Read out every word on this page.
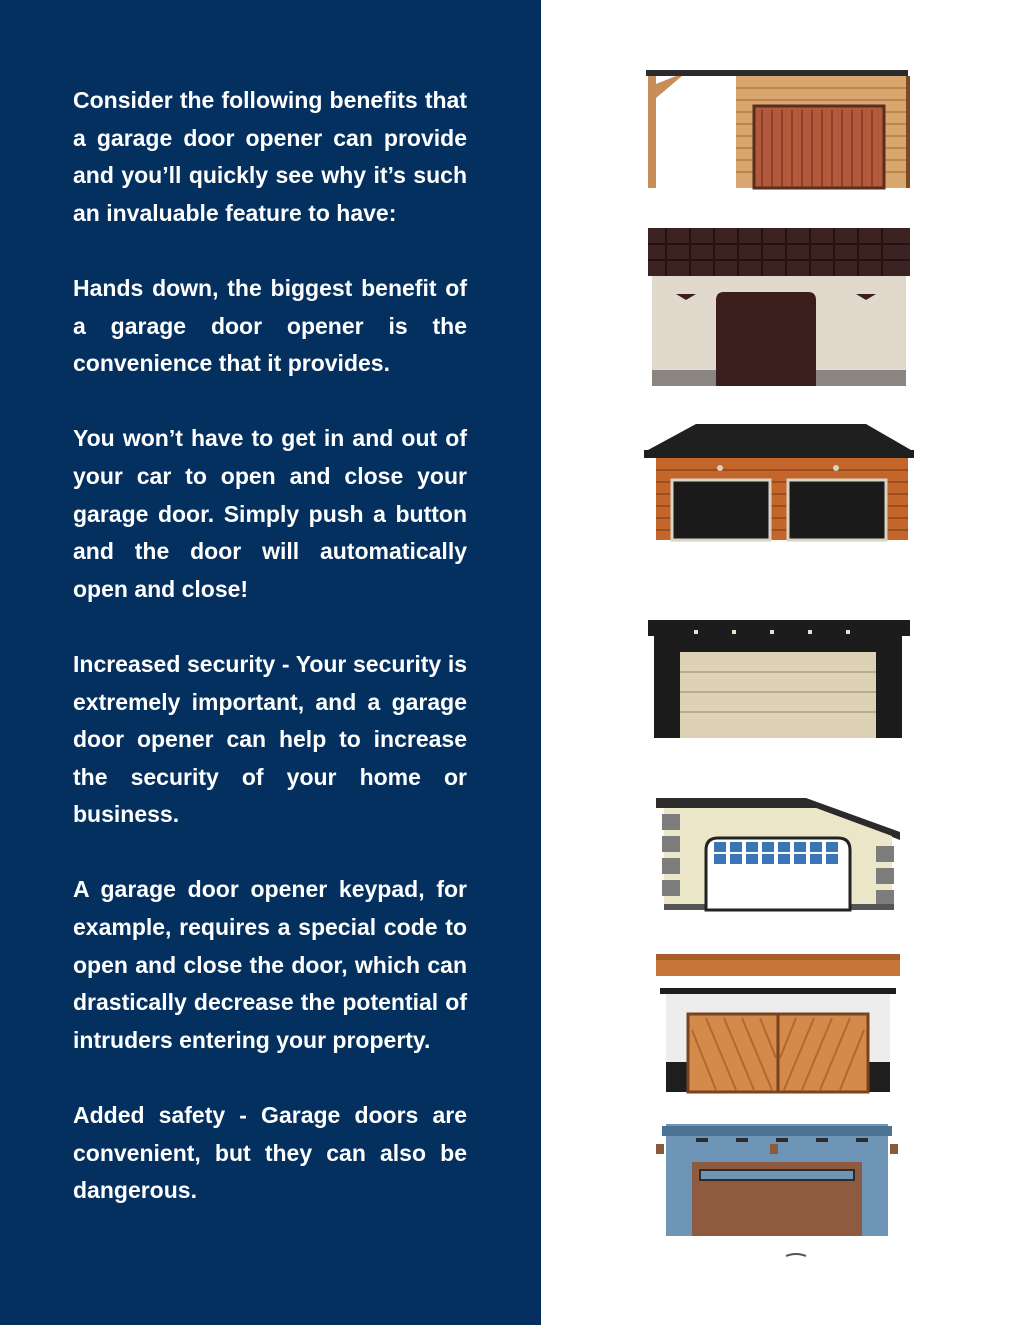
Consider the following benefits that a garage door opener can provide and you’ll quickly see why it’s such an invaluable feature to have:

Hands down, the biggest benefit of a garage door opener is the convenience that it provides.

You won’t have to get in and out of your car to open and close your garage door. Simply push a button and the door will automatically open and close!

Increased security - Your security is extremely important, and a garage door opener can help to increase the security of your home or business.

A garage door opener keypad, for example, requires a special code to open and close the door, which can drastically decrease the potential of intruders entering your property.

Added safety - Garage doors are convenient, but they can also be dangerous.
